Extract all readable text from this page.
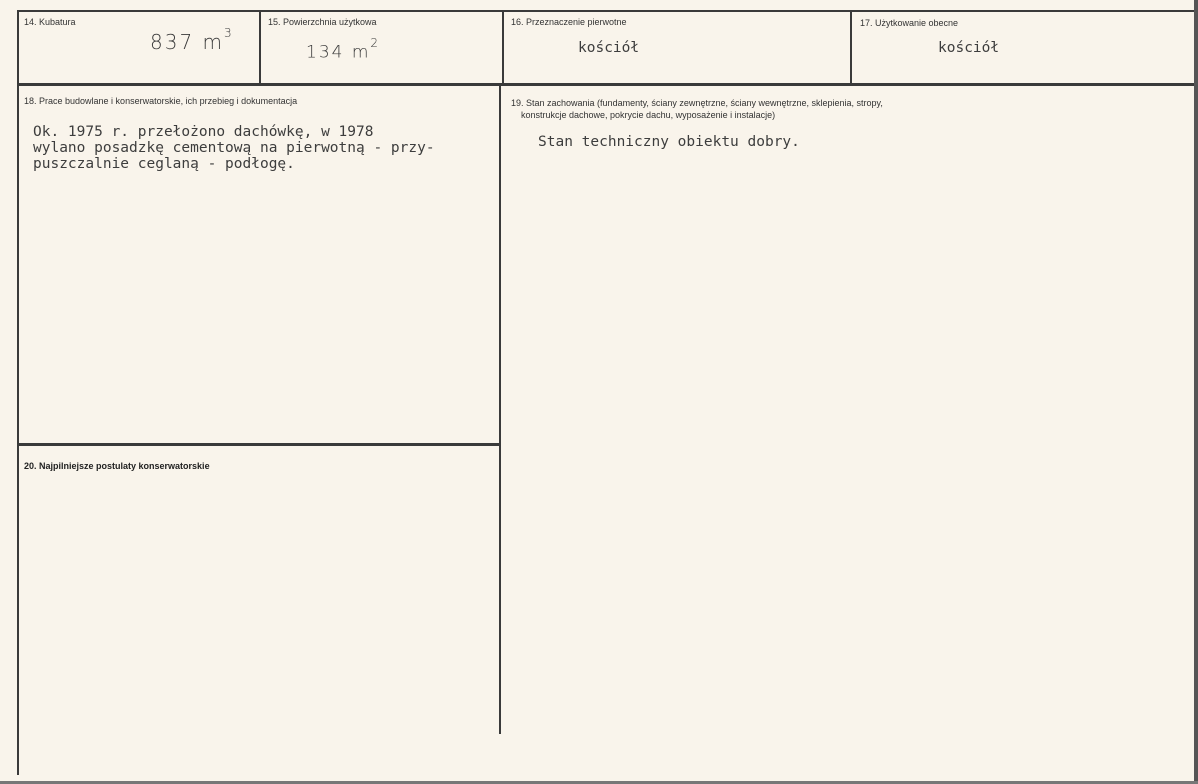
14. Kubatura
837 $m^3$
15. Powierzchnia użytkowa
134 $m^2$
16. Przeznaczenie pierwotne
kościół
17. Użytkowanie obecne
kościół
18. Prace budowlane i konserwatorskie, ich przebieg i dokumentacja
Ok. 1975 r. przełożono dachówkę, w 1978
wylano posadzkę cementową na pierwotną - przy-
puszczalnie ceglaną - podłogę.
19. Stan zachowania (fundamenty, ściany zewnętrzne, ściany wewnętrzne, sklepienia, stropy,
konstrukcje dachowe, pokrycie dachu, wyposażenie i instalacje)
Stan techniczny obiektu dobry.
20. Najpilniejsze postulaty konserwatorskie
